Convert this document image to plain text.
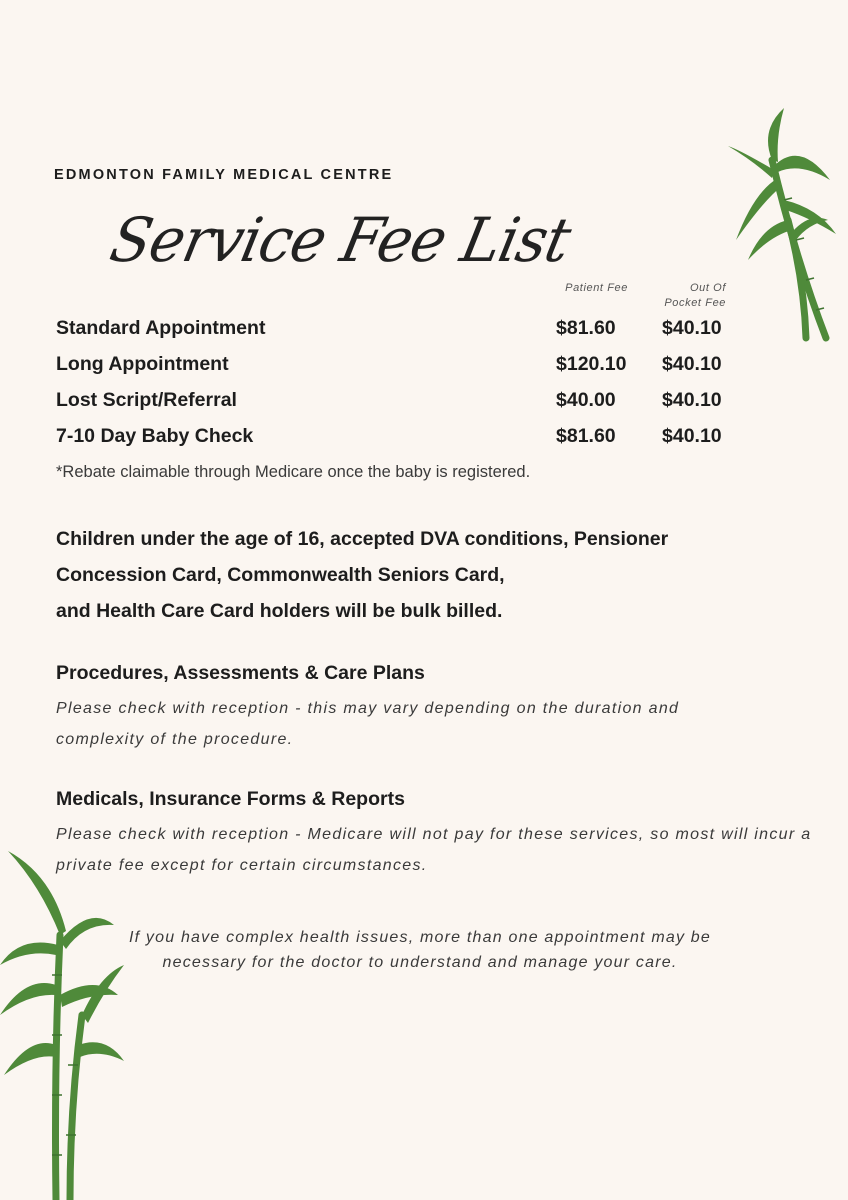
EDMONTON FAMILY MEDICAL CENTRE
Service Fee List
Patient Fee	Out Of
Pocket Fee
Standard Appointment	$81.60 $40.10
Long Appointment	$120.10 $40.10
Lost Script/Referral	$40.00 $40.10
7-10 Day Baby Check	$81.60 $40.10
*Rebate claimable through Medicare once the baby is registered.
Children under the age of 16, accepted DVA conditions, Pensioner
Concession Card, Commonwealth Seniors Card,
and Health Care Card holders will be bulk billed.
Procedures, Assessments & Care Plans

Please check with reception - this may vary depending on the duration and complexity of the procedure.

Medicals, Insurance Forms & Reports

Please check with reception - Medicare will not pay for these services, so most will incur a private fee except for certain circumstances.

If you have complex health issues, more than one appointment may be necessary for the doctor to understand and manage your care.
